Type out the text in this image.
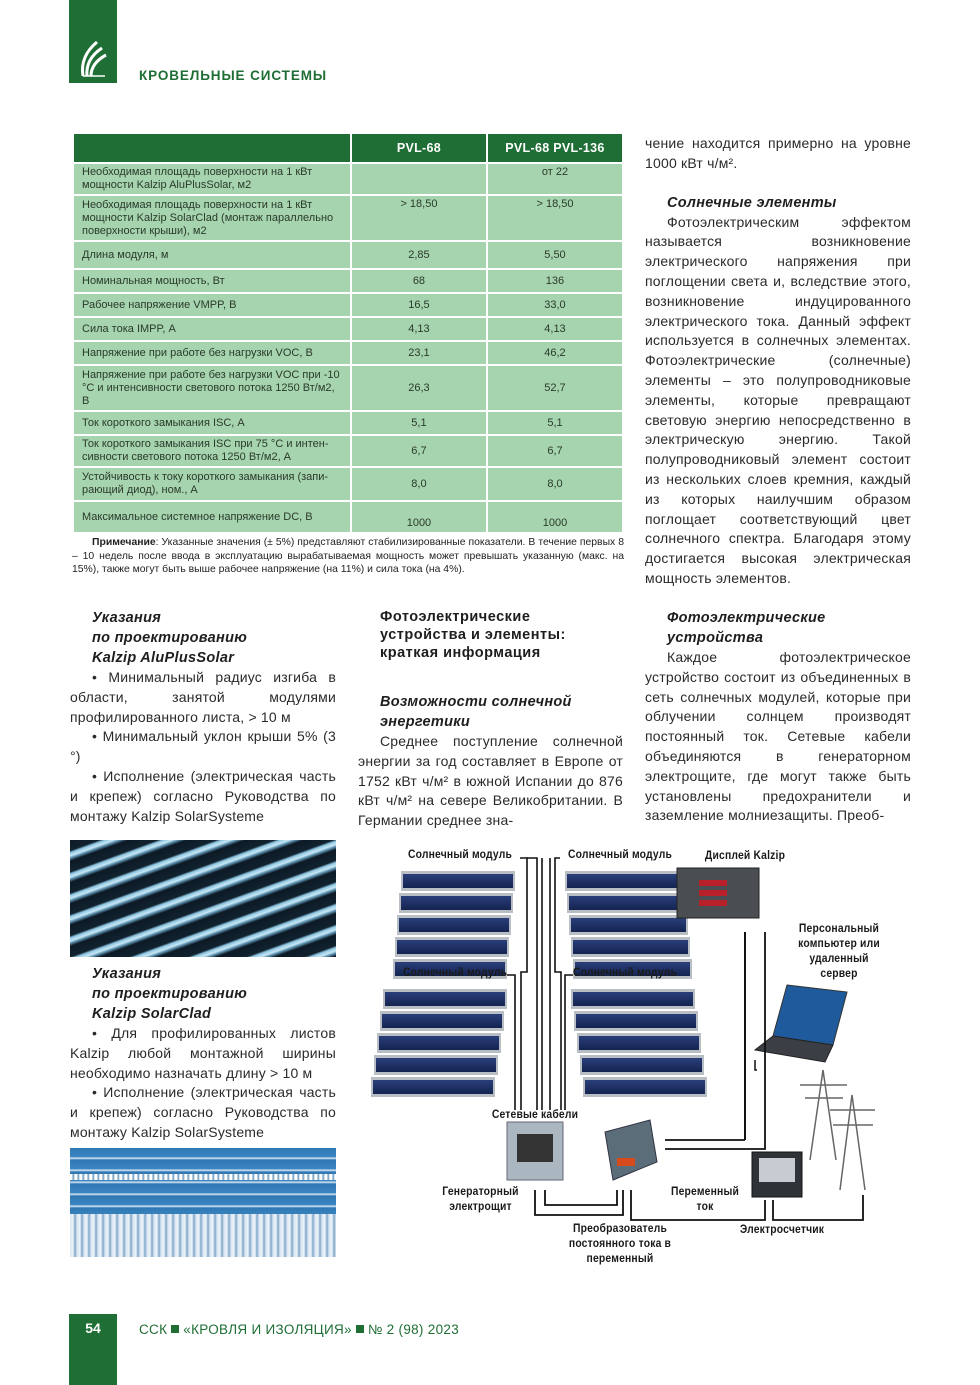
КРОВЕЛЬНЫЕ СИСТЕМЫ
	PVL-68	PVL-68 PVL-136
Необходимая площадь поверхности на 1 кВт мощности Kalzip AluPlusSolar, м2		от 22
Необходимая площадь поверхности на 1 кВт мощности Kalzip SolarClad (монтаж параллельно поверхности крыши), м2	> 18,50	> 18,50
Длина модуля, м	2,85	5,50
Номинальная мощность, Вт	68	136
Рабочее напряжение VMPP, В	16,5	33,0
Сила тока IMPP, А	4,13	4,13
Напряжение при работе без нагрузки VOC, В	23,1	46,2
Напряжение при работе без нагрузки VOC при -10 °С и интенсивности светового потока 1250 Вт/м2, В	26,3	52,7
Ток короткого замыкания ISC, А	5,1	5,1
Ток короткого замыкания ISC при 75 °С и интен-сивности светового потока 1250 Вт/м2, А	6,7	6,7
Устойчивость к току короткого замыкания (запи-рающий диод), ном., А	8,0	8,0
Максимальное системное напряжение DC, В	1000	1000
Примечание: Указанные значения (± 5%) представляют стабилизированные показатели. В течение первых 8 – 10 недель после ввода в эксплуатацию вырабатываемая мощность может превышать указанную (макс. на 15%), также могут быть выше рабочее напряжение (на 11%) и сила тока (на 4%).

чение находится примерно на уровне 1000 кВт ч/м².

Солнечные элементы

Фотоэлектрическим эффектом называется возникновение электрического напряжения при поглощении света и, вследствие этого, возникновение индуцированного электрического тока. Данный эффект используется в солнечных элементах. Фотоэлектрические (солнечные) элементы – это полупроводниковые элементы, которые превращают световую энергию непосредственно в электрическую энергию. Такой полупроводниковый элемент состоит из нескольких слоев кремния, каждый из которых наилучшим образом поглощает соответствующий цвет солнечного спектра. Благодаря этому достигается высокая электрическая мощность элементов.

Указания
по проектированию
Kalzip AluPlusSolar

• Минимальный радиус изгиба в области, занятой модулями профилированного листа, > 10 м

• Минимальный уклон крыши 5% (3 °)

• Исполнение (электрическая часть и крепеж) согласно Руководства по монтажу Kalzip SolarSysteme

Указания
по проектированию
Kalzip SolarClad

• Для профилированных листов Kalzip любой монтажной ширины необходимо назначать длину > 10 м

• Исполнение (электрическая часть и крепеж) согласно Руководства по монтажу Kalzip SolarSysteme

Фотоэлектрические
устройства и элементы:
краткая информация
Возможности солнечной
энергетики

Среднее поступление солнечной энергии за год составляет в Европе от 1752 кВт ч/м² в южной Испании до 876 кВт ч/м² на севере Великобритании. В Германии среднее зна-

Фотоэлектрические
устройства

Каждое фотоэлектрическое устройство состоит из объединенных в сеть солнечных модулей, которые при облучении солнцем производят постоянный ток. Сетевые кабели объединяются в генераторном электрощите, где могут также быть установлены предохранители и заземление молниезащиты. Преоб-

Солнечный модуль	Солнечный модуль
Солнечный модуль	Солнечный модуль
Дисплей Kalzip
Персональный компьютер или удаленный сервер
Сетевые кабели
Генераторный электрощит
Преобразователь постоянного тока в переменный
Переменный ток
Электросчетчик
54	ССК «КРОВЛЯ И ИЗОЛЯЦИЯ» № 2 (98) 2023
